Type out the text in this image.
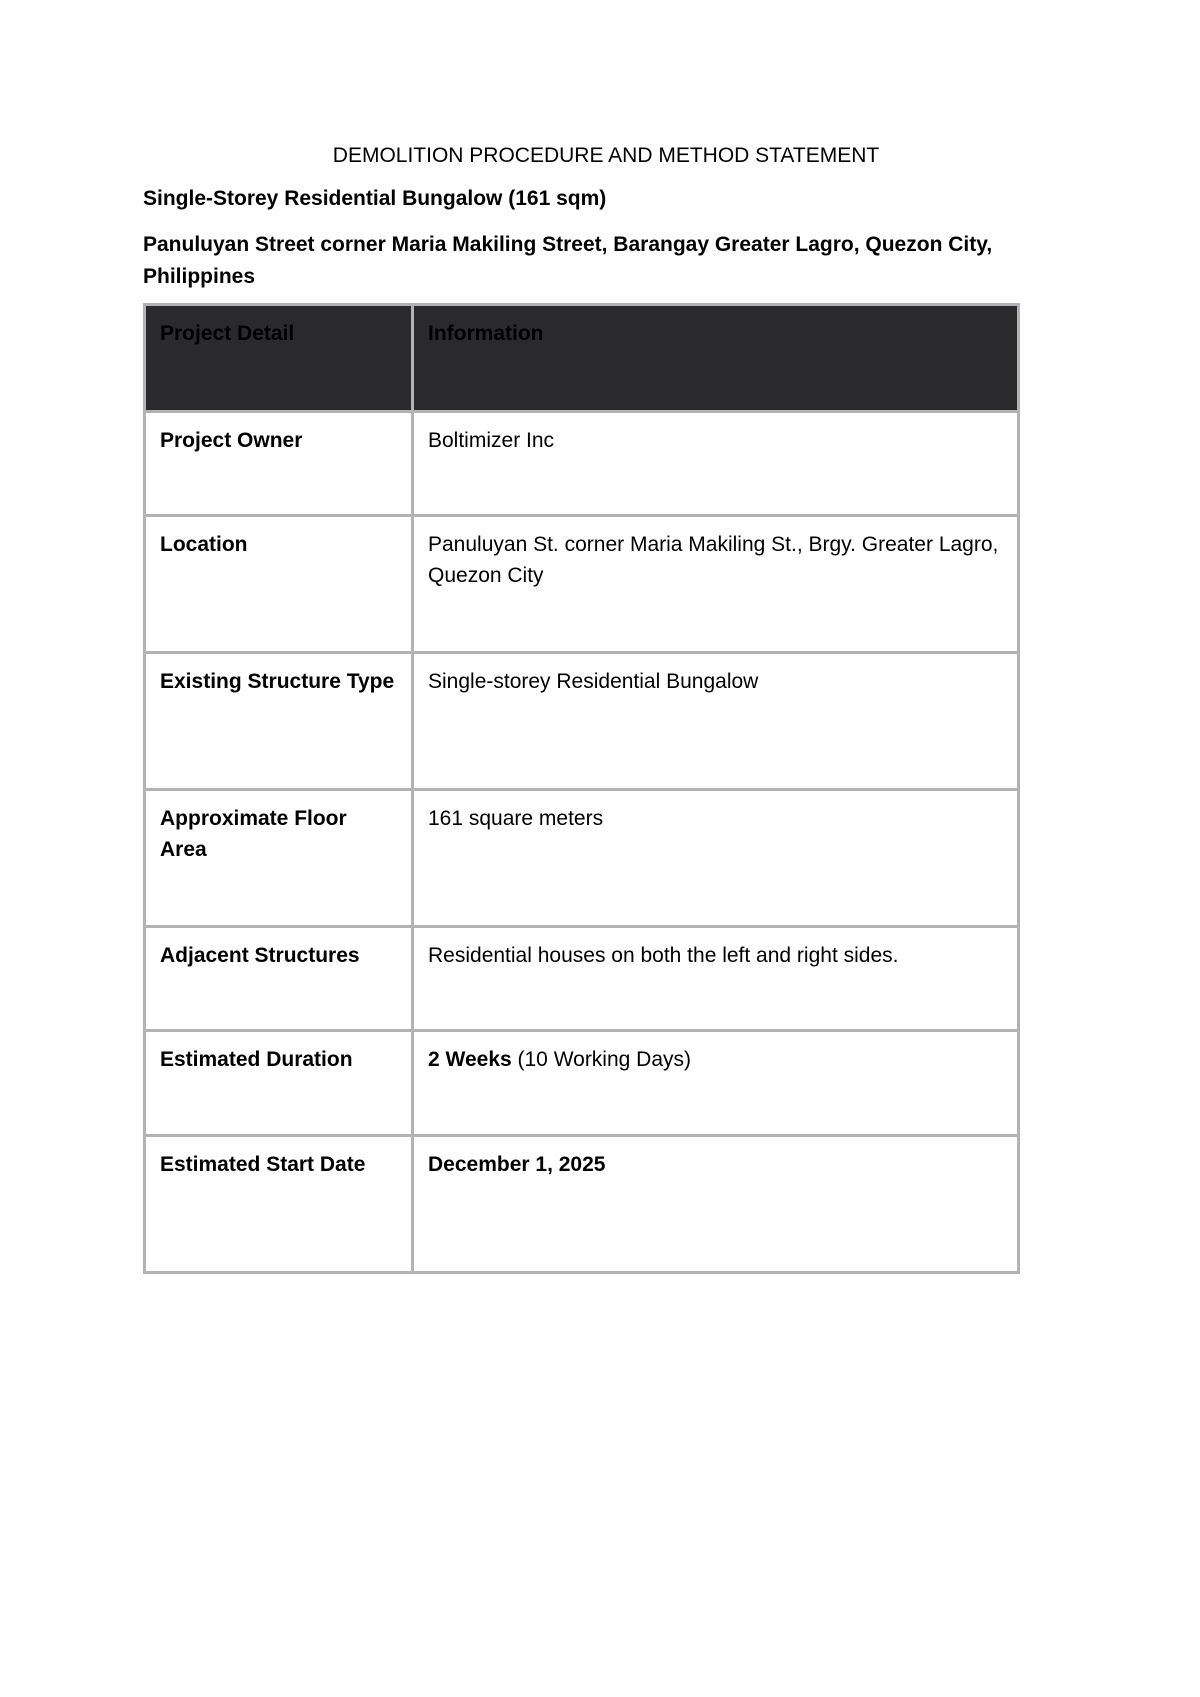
DEMOLITION PROCEDURE AND METHOD STATEMENT
Single-Storey Residential Bungalow (161 sqm)
Panuluyan Street corner Maria Makiling Street, Barangay Greater Lagro, Quezon City, Philippines
Project Detail	Information
Project Owner	Boltimizer Inc
Location	Panuluyan St. corner Maria Makiling St., Brgy. Greater Lagro, Quezon City
Existing Structure Type	Single-storey Residential Bungalow
Approximate Floor Area	161 square meters
Adjacent Structures	Residential houses on both the left and right sides.
Estimated Duration	2 Weeks (10 Working Days)
Estimated Start Date	December 1, 2025
